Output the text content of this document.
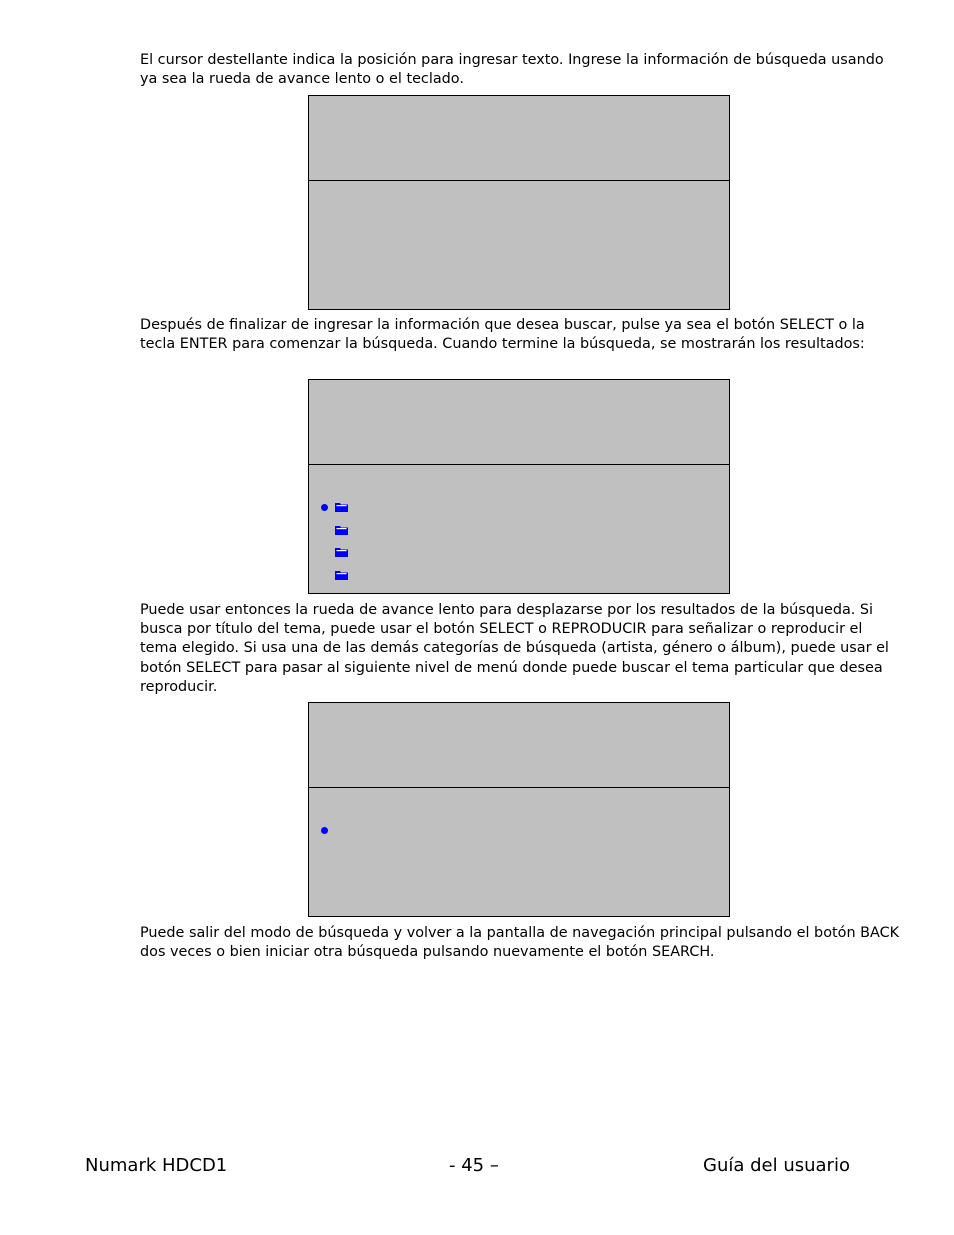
El cursor destellante indica la posición para ingresar texto. Ingrese la información de búsqueda usando ya sea la rueda de avance lento o el teclado.

Después de finalizar de ingresar la información que desea buscar, pulse ya sea el botón SELECT o la tecla ENTER para comenzar la búsqueda. Cuando termine la búsqueda, se mostrarán los resultados:

Puede usar entonces la rueda de avance lento para desplazarse por los resultados de la búsqueda. Si busca por título del tema, puede usar el botón SELECT o REPRODUCIR para señalizar o reproducir el tema elegido. Si usa una de las demás categorías de búsqueda (artista, género o álbum), puede usar el botón SELECT para pasar al siguiente nivel de menú donde puede buscar el tema particular que desea reproducir.

Puede salir del modo de búsqueda y volver a la pantalla de navegación principal pulsando el botón BACK dos veces o bien iniciar otra búsqueda pulsando nuevamente el botón SEARCH.

Numark HDCD1	- 45 –	Guía del usuario
